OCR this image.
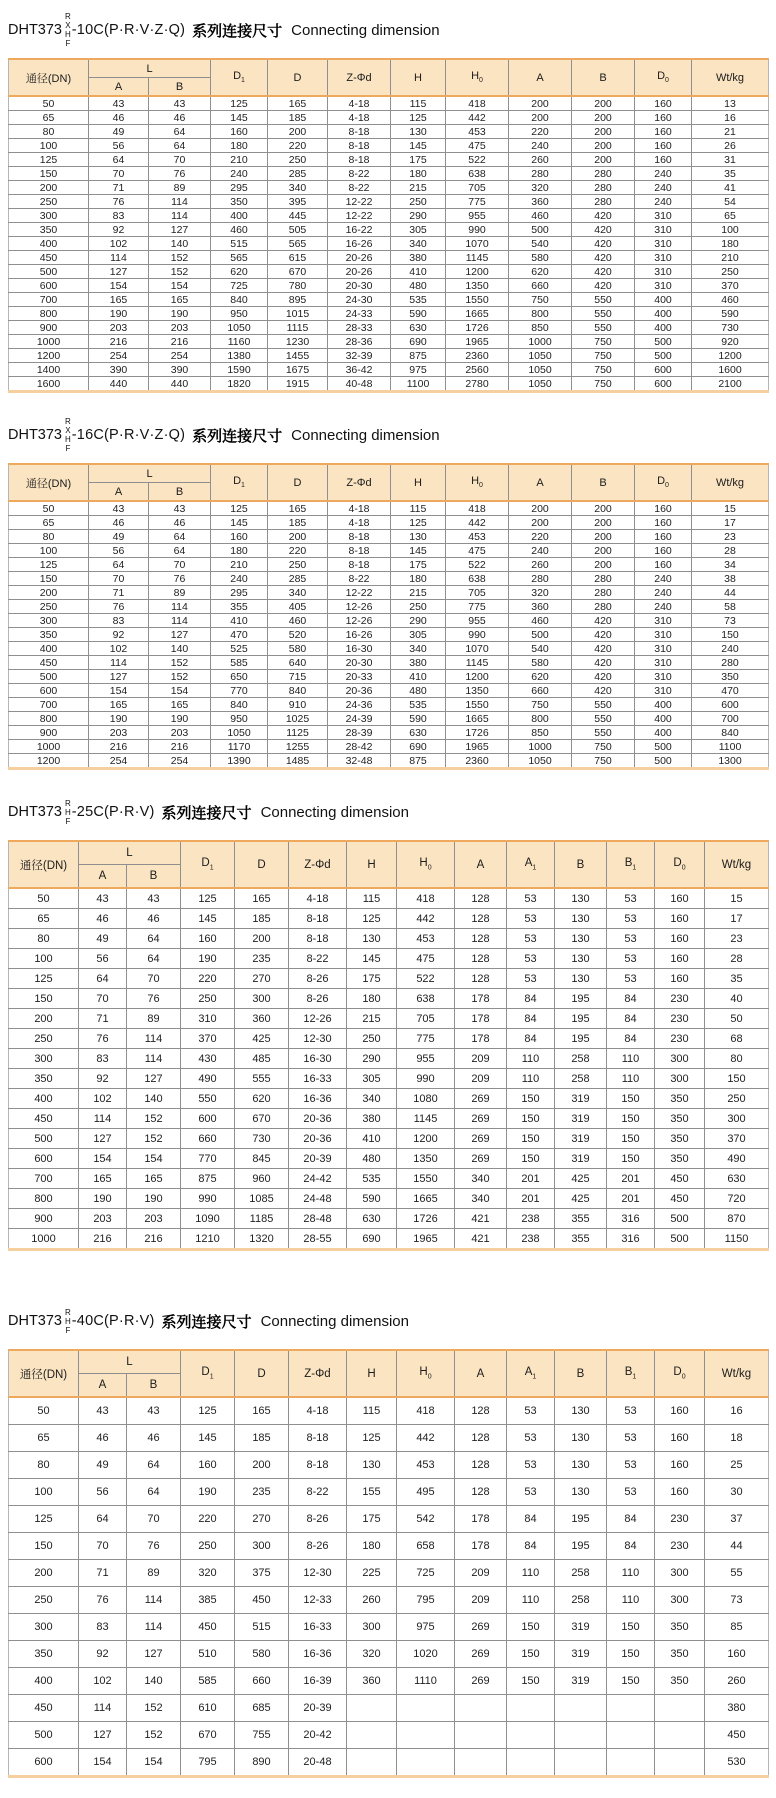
DHT373
R
X
H
F
-10C(P·R·V·Z·Q) 系列连接尺寸 Connecting dimension
通径(DN)	L		$D_1$	D	Z-Φd	H	$H_0$	A	B	$D_0$	Wt/kg
	A	B									
50	43	43	125	165	4-18	115	418	200	200	160	13
65	46	46	145	185	4-18	125	442	200	200	160	16
80	49	64	160	200	8-18	130	453	220	200	160	21
100	56	64	180	220	8-18	145	475	240	200	160	26
125	64	70	210	250	8-18	175	522	260	200	160	31
150	70	76	240	285	8-22	180	638	280	280	240	35
200	71	89	295	340	8-22	215	705	320	280	240	41
250	76	114	350	395	12-22	250	775	360	280	240	54
300	83	114	400	445	12-22	290	955	460	420	310	65
350	92	127	460	505	16-22	305	990	500	420	310	100
400	102	140	515	565	16-26	340	1070	540	420	310	180
450	114	152	565	615	20-26	380	1145	580	420	310	210
500	127	152	620	670	20-26	410	1200	620	420	310	250
600	154	154	725	780	20-30	480	1350	660	420	310	370
700	165	165	840	895	24-30	535	1550	750	550	400	460
800	190	190	950	1015	24-33	590	1665	800	550	400	590
900	203	203	1050	1115	28-33	630	1726	850	550	400	730
1000	216	216	1160	1230	28-36	690	1965	1000	750	500	920
1200	254	254	1380	1455	32-39	875	2360	1050	750	500	1200
1400	390	390	1590	1675	36-42	975	2560	1050	750	600	1600
1600	440	440	1820	1915	40-48	1100	2780	1050	750	600	2100
DHT373
R
X
H
F
-16C(P·R·V·Z·Q) 系列连接尺寸 Connecting dimension
通径(DN)	L		$D_1$	D	Z-Φd	H	$H_0$	A	B	$D_0$	Wt/kg
	A	B									
50	43	43	125	165	4-18	115	418	200	200	160	15
65	46	46	145	185	4-18	125	442	200	200	160	17
80	49	64	160	200	8-18	130	453	220	200	160	23
100	56	64	180	220	8-18	145	475	240	200	160	28
125	64	70	210	250	8-18	175	522	260	200	160	34
150	70	76	240	285	8-22	180	638	280	280	240	38
200	71	89	295	340	12-22	215	705	320	280	240	44
250	76	114	355	405	12-26	250	775	360	280	240	58
300	83	114	410	460	12-26	290	955	460	420	310	73
350	92	127	470	520	16-26	305	990	500	420	310	150
400	102	140	525	580	16-30	340	1070	540	420	310	240
450	114	152	585	640	20-30	380	1145	580	420	310	280
500	127	152	650	715	20-33	410	1200	620	420	310	350
600	154	154	770	840	20-36	480	1350	660	420	310	470
700	165	165	840	910	24-36	535	1550	750	550	400	600
800	190	190	950	1025	24-39	590	1665	800	550	400	700
900	203	203	1050	1125	28-39	630	1726	850	550	400	840
1000	216	216	1170	1255	28-42	690	1965	1000	750	500	1100
1200	254	254	1390	1485	32-48	875	2360	1050	750	500	1300
DHT373
R
H
F
-25C(P·R·V) 系列连接尺寸 Connecting dimension
通径(DN)	L		$D_1$	D	Z-Φd	H	$H_0$	A	$A_1$	B	$B_1$	$D_0$	Wt/kg
	A	B											
50	43	43	125	165	4-18	115	418	128	53	130	53	160	15
65	46	46	145	185	8-18	125	442	128	53	130	53	160	17
80	49	64	160	200	8-18	130	453	128	53	130	53	160	23
100	56	64	190	235	8-22	145	475	128	53	130	53	160	28
125	64	70	220	270	8-26	175	522	128	53	130	53	160	35
150	70	76	250	300	8-26	180	638	178	84	195	84	230	40
200	71	89	310	360	12-26	215	705	178	84	195	84	230	50
250	76	114	370	425	12-30	250	775	178	84	195	84	230	68
300	83	114	430	485	16-30	290	955	209	110	258	110	300	80
350	92	127	490	555	16-33	305	990	209	110	258	110	300	150
400	102	140	550	620	16-36	340	1080	269	150	319	150	350	250
450	114	152	600	670	20-36	380	1145	269	150	319	150	350	300
500	127	152	660	730	20-36	410	1200	269	150	319	150	350	370
600	154	154	770	845	20-39	480	1350	269	150	319	150	350	490
700	165	165	875	960	24-42	535	1550	340	201	425	201	450	630
800	190	190	990	1085	24-48	590	1665	340	201	425	201	450	720
900	203	203	1090	1185	28-48	630	1726	421	238	355	316	500	870
1000	216	216	1210	1320	28-55	690	1965	421	238	355	316	500	1150
DHT373
R
H
F
-40C(P·R·V) 系列连接尺寸 Connecting dimension
通径(DN)	L		$D_1$	D	Z-Φd	H	$H_0$	A	$A_1$	B	$B_1$	$D_0$	Wt/kg
	A	B											
50	43	43	125	165	4-18	115	418	128	53	130	53	160	16
65	46	46	145	185	8-18	125	442	128	53	130	53	160	18
80	49	64	160	200	8-18	130	453	128	53	130	53	160	25
100	56	64	190	235	8-22	155	495	128	53	130	53	160	30
125	64	70	220	270	8-26	175	542	178	84	195	84	230	37
150	70	76	250	300	8-26	180	658	178	84	195	84	230	44
200	71	89	320	375	12-30	225	725	209	110	258	110	300	55
250	76	114	385	450	12-33	260	795	209	110	258	110	300	73
300	83	114	450	515	16-33	300	975	269	150	319	150	350	85
350	92	127	510	580	16-36	320	1020	269	150	319	150	350	160
400	102	140	585	660	16-39	360	1110	269	150	319	150	350	260
450	114	152	610	685	20-39								380
500	127	152	670	755	20-42								450
600	154	154	795	890	20-48								530
